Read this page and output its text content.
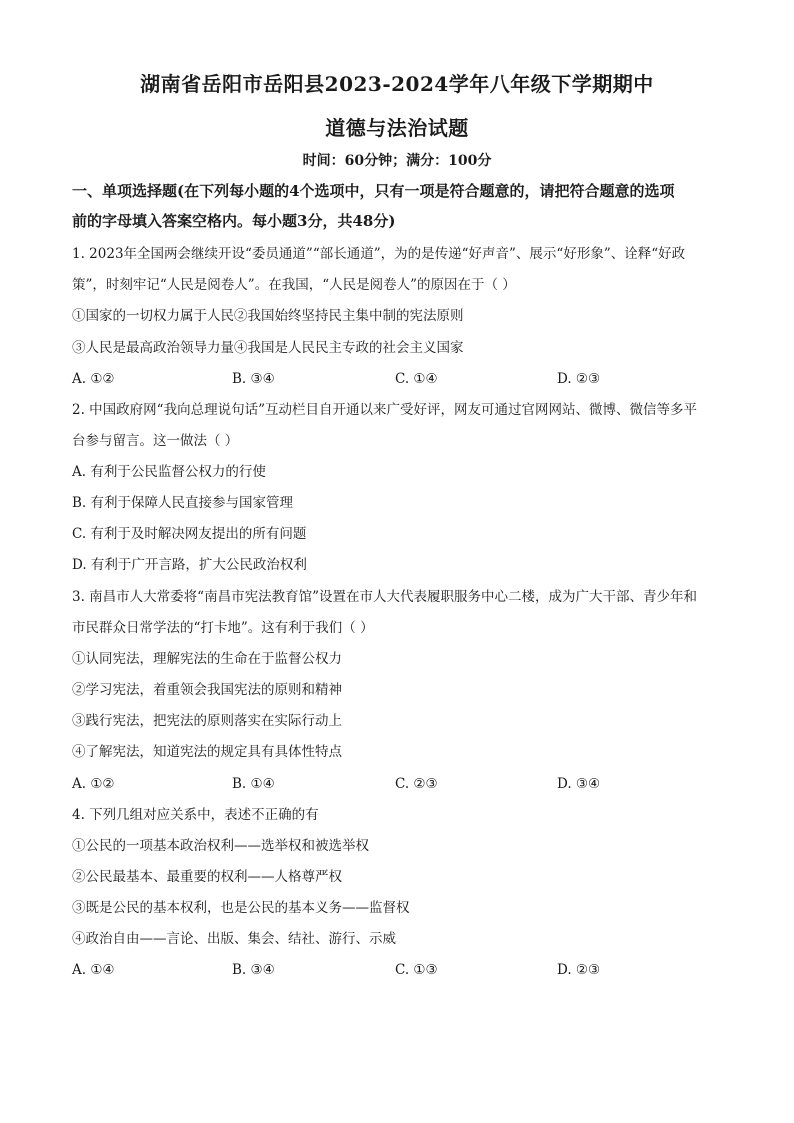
湖南省岳阳市岳阳县2023-2024学年八年级下学期期中
道德与法治试题
时间：60分钟；满分：100分
一、单项选择题(在下列每小题的4个选项中，只有一项是符合题意的，请把符合题意的选项
前的字母填入答案空格内。每小题3分，共48分)
1. 2023年全国两会继续开设“委员通道”“部长通道”，为的是传递“好声音”、展示“好形象”、诠释“好政
策”，时刻牢记“人民是阅卷人”。在我国，“人民是阅卷人”的原因在于（ ）
①国家的一切权力属于人民②我国始终坚持民主集中制的宪法原则
③人民是最高政治领导力量④我国是人民民主专政的社会主义国家
A. ①②	B. ③④	C. ①④	D. ②③
2. 中国政府网“我向总理说句话”互动栏目自开通以来广受好评，网友可通过官网网站、微博、微信等多平
台参与留言。这一做法（ ）
A. 有利于公民监督公权力的行使
B. 有利于保障人民直接参与国家管理
C. 有利于及时解决网友提出的所有问题
D. 有利于广开言路，扩大公民政治权利
3. 南昌市人大常委将“南昌市宪法教育馆”设置在市人大代表履职服务中心二楼，成为广大干部、青少年和
市民群众日常学法的“打卡地”。这有利于我们（ ）
①认同宪法，理解宪法的生命在于监督公权力
②学习宪法，着重领会我国宪法的原则和精神
③践行宪法，把宪法的原则落实在实际行动上
④了解宪法，知道宪法的规定具有具体性特点
A. ①②	B. ①④	C. ②③	D. ③④
4. 下列几组对应关系中，表述不正确的有
①公民的一项基本政治权利——选举权和被选举权
②公民最基本、最重要的权利——人格尊严权
③既是公民的基本权利，也是公民的基本义务——监督权
④政治自由——言论、出版、集会、结社、游行、示威
A. ①④	B. ③④	C. ①③	D. ②③
